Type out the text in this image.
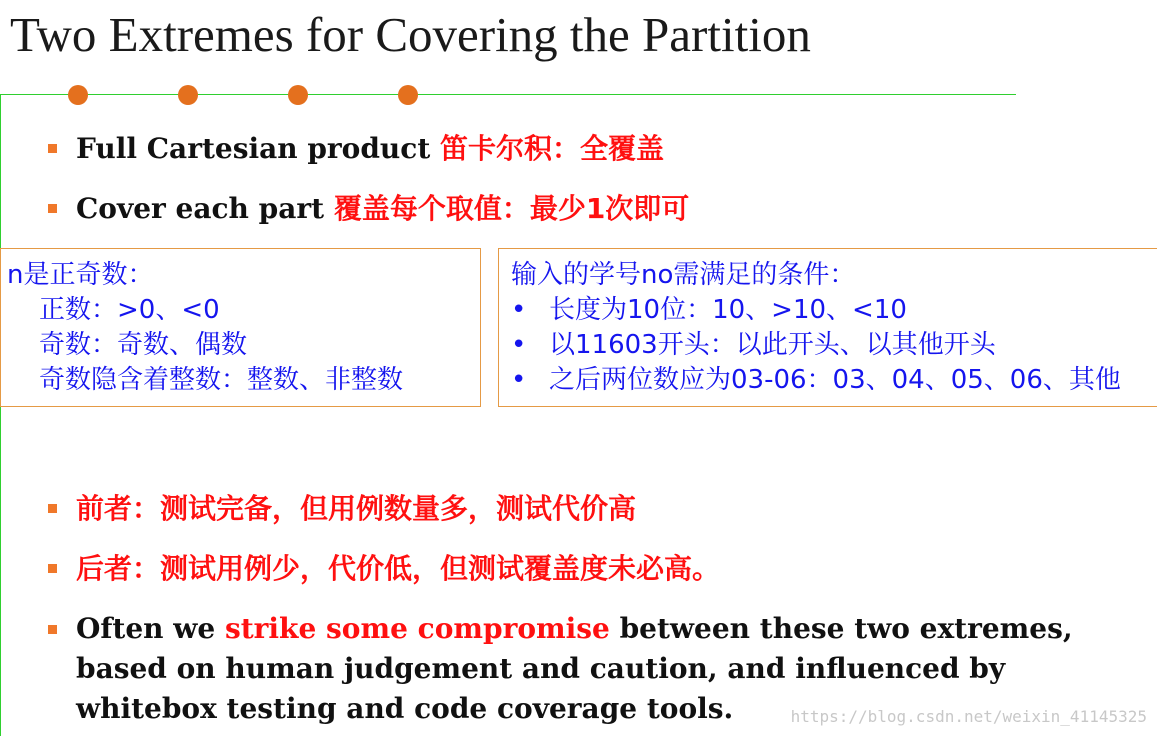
Two Extremes for Covering the Partition
Full Cartesian product 笛卡尔积：全覆盖
Cover each part 覆盖每个取值：最少1次即可
n是正奇数：
正数：>0、<0
奇数：奇数、偶数
奇数隐含着整数：整数、非整数
输入的学号no需满足的条件：
• 长度为10位：10、>10、<10
• 以11603开头：以此开头、以其他开头
• 之后两位数应为03-06：03、04、05、06、其他
前者：测试完备，但用例数量多，测试代价高
后者：测试用例少，代价低，但测试覆盖度未必高。
Often we strike some compromise between these two extremes,
based on human judgement and caution, and influenced by
whitebox testing and code coverage tools.	https://blog.csdn.net/weixin_41145325
